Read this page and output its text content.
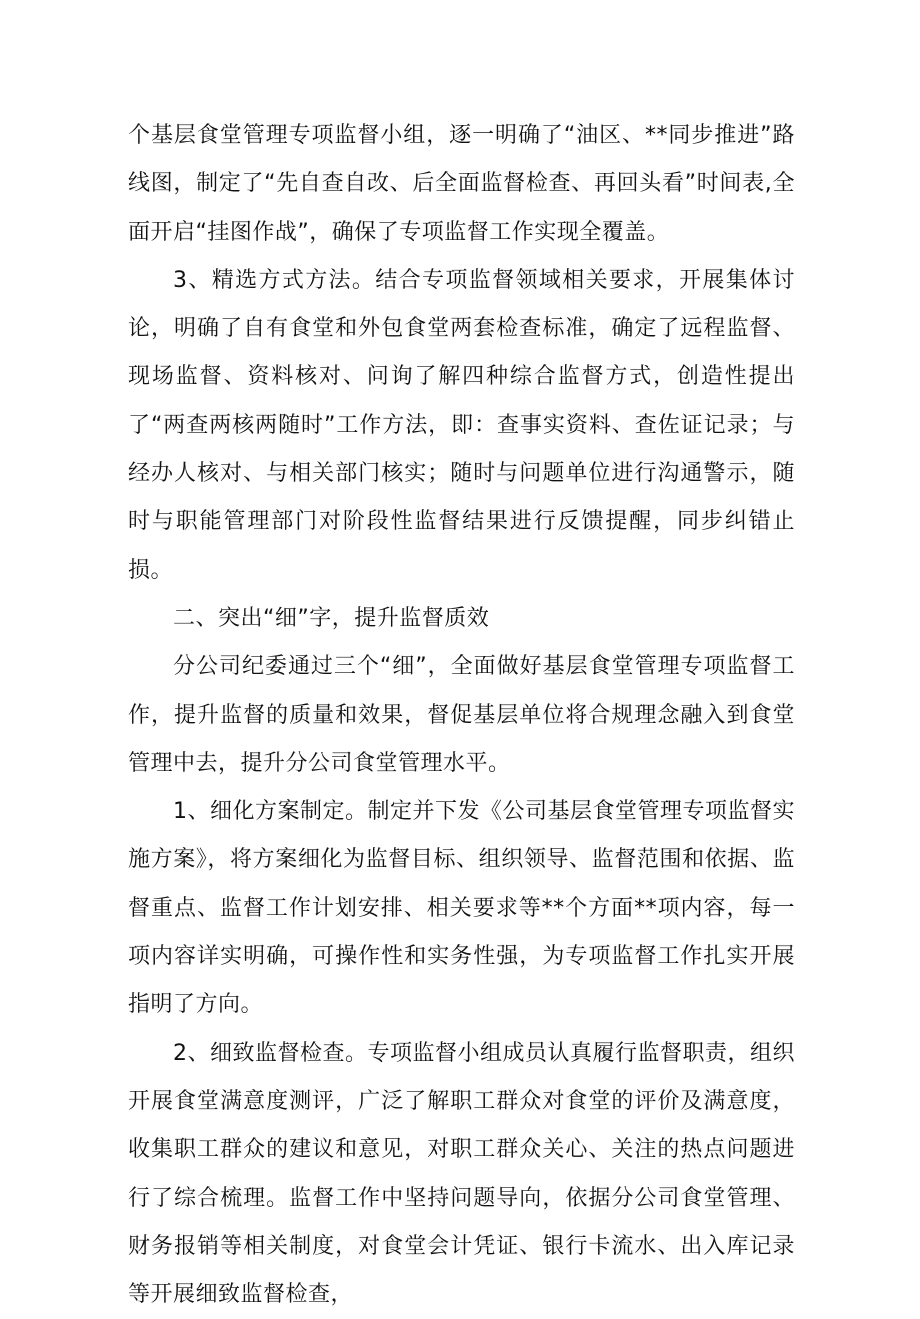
个基层食堂管理专项监督小组，逐一明确了“油区、**同步推进”路线图，制定了“先自查自改、后全面监督检查、再回头看”时间表,全面开启“挂图作战”，确保了专项监督工作实现全覆盖。

3、精选方式方法。结合专项监督领域相关要求，开展集体讨论，明确了自有食堂和外包食堂两套检查标准，确定了远程监督、现场监督、资料核对、问询了解四种综合监督方式，创造性提出了“两查两核两随时”工作方法，即：查事实资料、查佐证记录；与经办人核对、与相关部门核实；随时与问题单位进行沟通警示，随时与职能管理部门对阶段性监督结果进行反馈提醒，同步纠错止损。

二、突出“细”字，提升监督质效

分公司纪委通过三个“细”，全面做好基层食堂管理专项监督工作，提升监督的质量和效果，督促基层单位将合规理念融入到食堂管理中去，提升分公司食堂管理水平。

1、细化方案制定。制定并下发《公司基层食堂管理专项监督实施方案》，将方案细化为监督目标、组织领导、监督范围和依据、监督重点、监督工作计划安排、相关要求等**个方面**项内容，每一项内容详实明确，可操作性和实务性强，为专项监督工作扎实开展指明了方向。

2、细致监督检查。专项监督小组成员认真履行监督职责，组织开展食堂满意度测评，广泛了解职工群众对食堂的评价及满意度，收集职工群众的建议和意见，对职工群众关心、关注的热点问题进行了综合梳理。监督工作中坚持问题导向，依据分公司食堂管理、财务报销等相关制度，对食堂会计凭证、银行卡流水、出入库记录等开展细致监督检查，
